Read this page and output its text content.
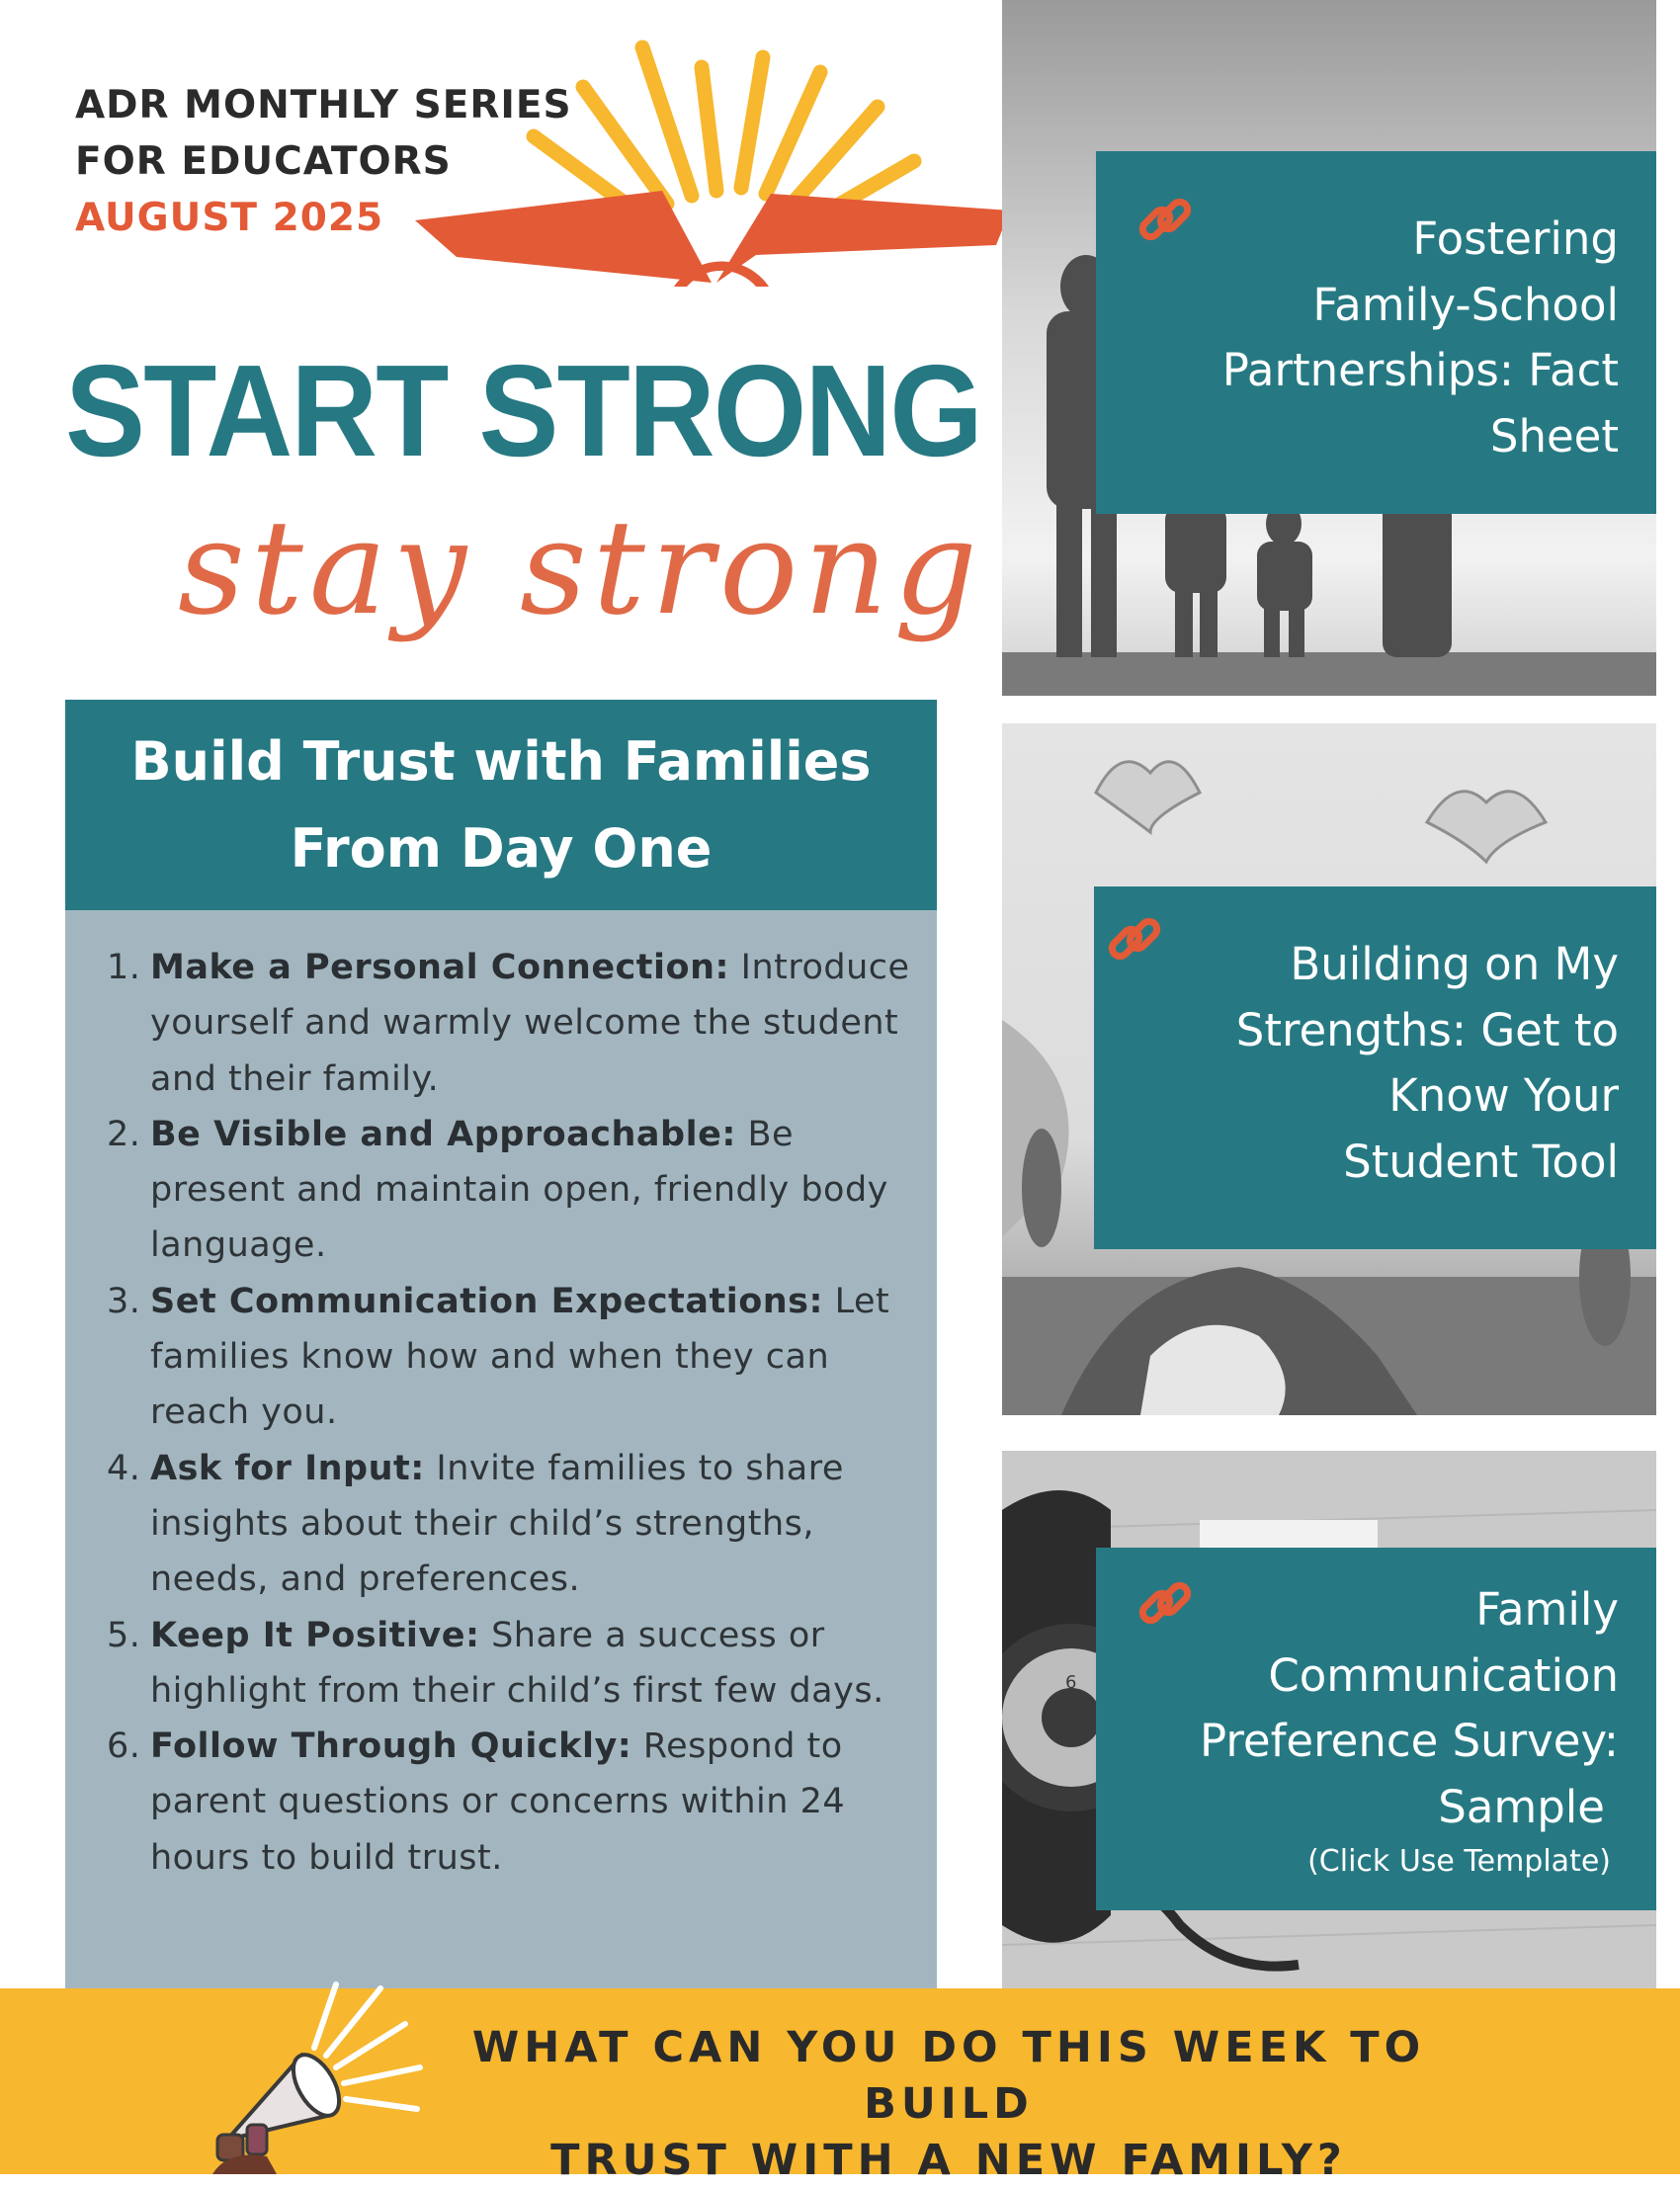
ADR MONTHLY SERIES
FOR EDUCATORS
AUGUST 2025
START STRONG
stay strong
Build Trust with Families
From Day One
1. Make a Personal Connection: Introduce yourself and warmly welcome the student and their family.
2. Be Visible and Approachable: Be present and maintain open, friendly body language.
3. Set Communication Expectations: Let families know how and when they can reach you.
4. Ask for Input: Invite families to share insights about their child’s strengths, needs, and preferences.
5. Keep It Positive: Share a success or highlight from their child’s first few days.
6. Follow Through Quickly: Respond to parent questions or concerns within 24 hours to build trust.
Fostering
Family-School
Partnerships: Fact
Sheet
Building on My
Strengths: Get to
Know Your
Student Tool
5
6
7
Family
Communication
Preference Survey:
Sample
(Click Use Template)
WHAT CAN YOU DO THIS WEEK TO BUILD
TRUST WITH A NEW FAMILY?
